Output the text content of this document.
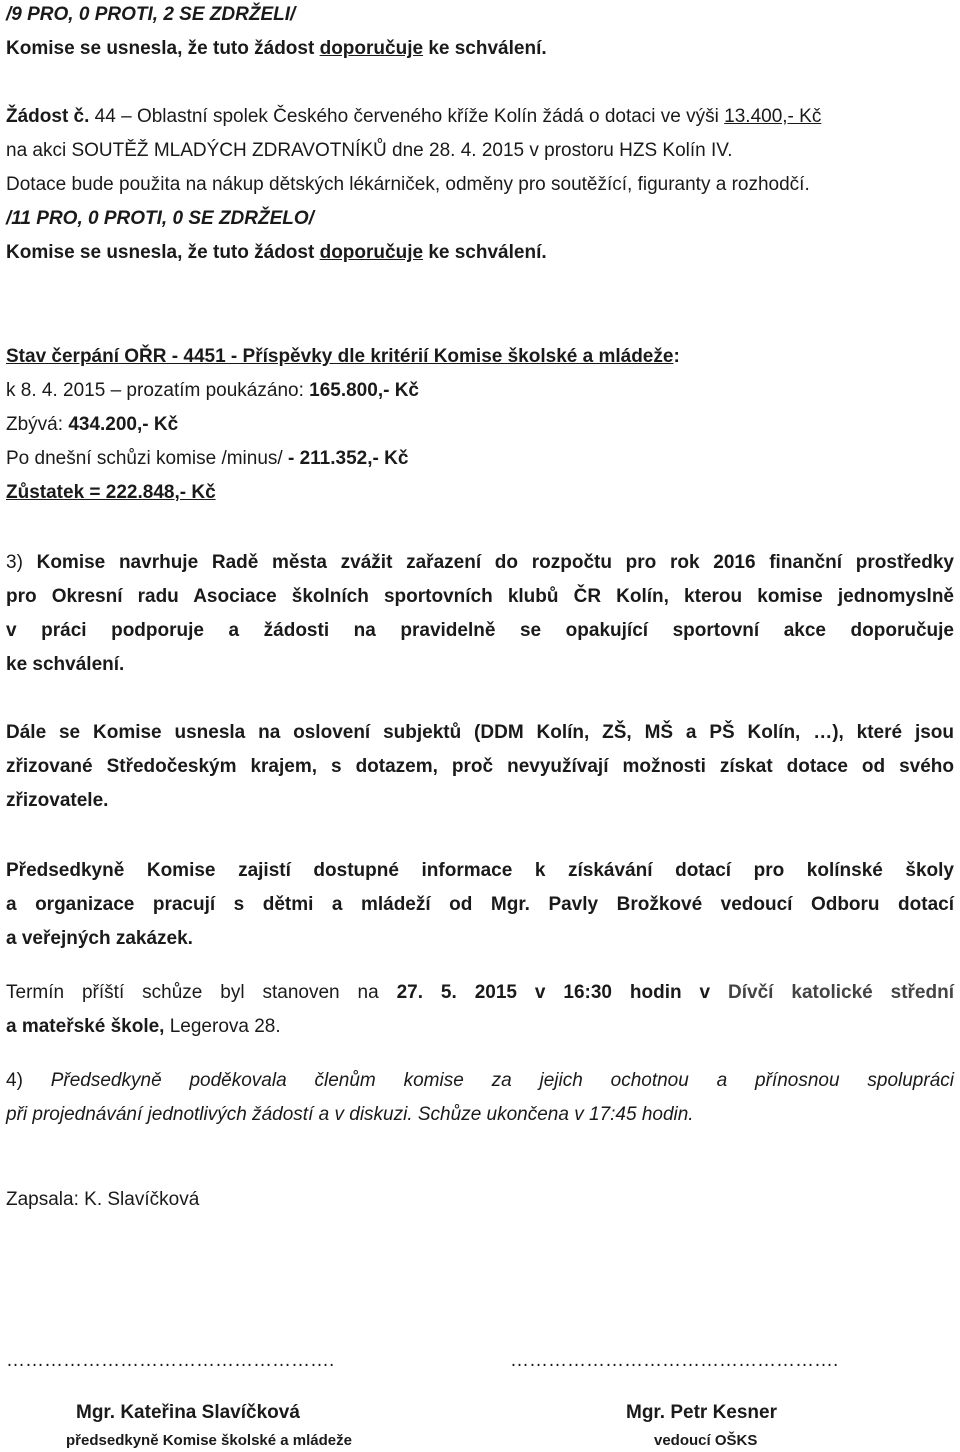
/9 PRO, 0 PROTI, 2 SE ZDRŽELI/
Komise se usnesla, že tuto žádost doporučuje ke schválení.
Žádost č. 44 – Oblastní spolek Českého červeného kříže Kolín žádá o dotaci ve výši 13.400,- Kč
na akci SOUTĚŽ MLADÝCH ZDRAVOTNÍKŮ dne 28. 4. 2015 v prostoru HZS Kolín IV.
Dotace bude použita na nákup dětských lékárniček, odměny pro soutěžící, figuranty a rozhodčí.
/11 PRO, 0 PROTI, 0 SE ZDRŽELO/
Komise se usnesla, že tuto žádost doporučuje ke schválení.
Stav čerpání OŘR - 4451 - Příspěvky dle kritérií Komise školské a mládeže:
k 8. 4. 2015 – prozatím poukázáno: 165.800,- Kč
Zbývá: 434.200,- Kč
Po dnešní schůzi komise /minus/ - 211.352,- Kč
Zůstatek = 222.848,- Kč
3) Komise navrhuje Radě města zvážit zařazení do rozpočtu pro rok 2016 finanční prostředky
pro Okresní radu Asociace školních sportovních klubů ČR Kolín, kterou komise jednomyslně
v práci podporuje a žádosti na pravidelně se opakující sportovní akce doporučuje
ke schválení.
Dále se Komise usnesla na oslovení subjektů (DDM Kolín, ZŠ, MŠ a PŠ Kolín, …), které jsou
zřizované Středočeským krajem, s dotazem, proč nevyužívají možnosti získat dotace od svého
zřizovatele.
Předsedkyně Komise zajistí dostupné informace k získávání dotací pro kolínské školy
a organizace pracují s dětmi a mládeží od Mgr. Pavly Brožkové vedoucí Odboru dotací
a veřejných zakázek.
Termín příští schůze byl stanoven na 27. 5. 2015 v 16:30 hodin v Dívčí katolické střední
a mateřské škole, Legerova 28.
4) Předsedkyně poděkovala členům komise za jejich ochotnou a přínosnou spolupráci
při projednávání jednotlivých žádostí a v diskuzi. Schůze ukončena v 17:45 hodin.
Zapsala: K. Slavíčková
…………………………………………….	…………………………………………….
Mgr. Kateřina Slavíčková	Mgr. Petr Kesner
předsedkyně Komise školské a mládeže	vedoucí OŠKS
